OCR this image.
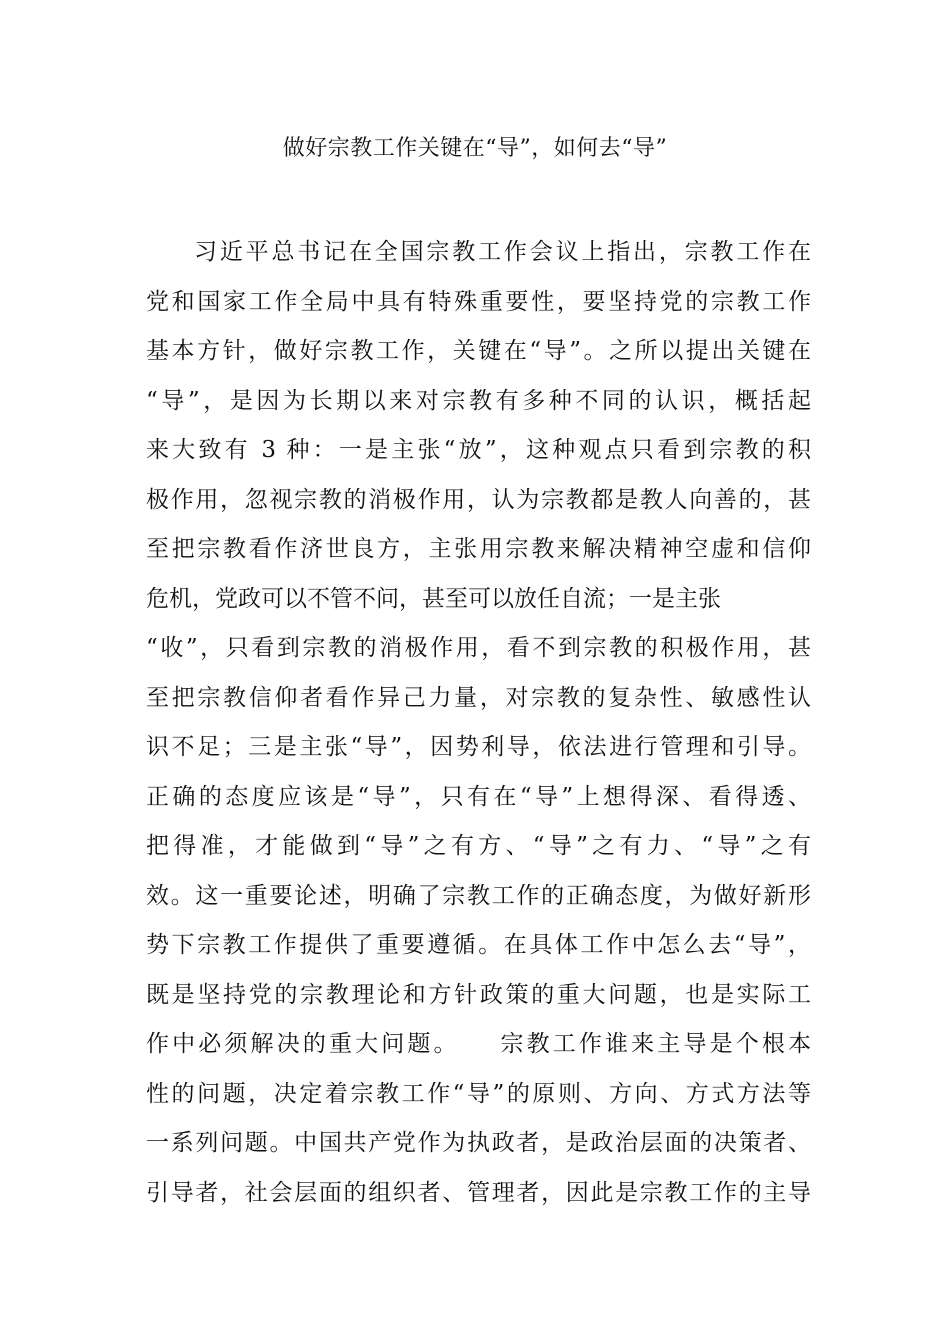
做好宗教工作关键在“导”，如何去“导”
习近平总书记在全国宗教工作会议上指出，宗教工作在
党和国家工作全局中具有特殊重要性，要坚持党的宗教工作
基本方针，做好宗教工作，关键在“导”。之所以提出关键在
“导”，是因为长期以来对宗教有多种不同的认识，概括起
来大致有 3 种：一是主张“放”，这种观点只看到宗教的积
极作用，忽视宗教的消极作用，认为宗教都是教人向善的，甚
至把宗教看作济世良方，主张用宗教来解决精神空虚和信仰
危机，党政可以不管不问，甚至可以放任自流；一是主张
“收”，只看到宗教的消极作用，看不到宗教的积极作用，甚
至把宗教信仰者看作异己力量，对宗教的复杂性、敏感性认
识不足；三是主张“导”，因势利导，依法进行管理和引导。
正确的态度应该是“导”，只有在“导”上想得深、看得透、
把得准，才能做到“导”之有方、“导”之有力、“导”之有
效。这一重要论述，明确了宗教工作的正确态度，为做好新形
势下宗教工作提供了重要遵循。在具体工作中怎么去“导”，
既是坚持党的宗教理论和方针政策的重大问题，也是实际工
作中必须解决的重大问题。　　宗教工作谁来主导是个根本
性的问题，决定着宗教工作“导”的原则、方向、方式方法等
一系列问题。中国共产党作为执政者，是政治层面的决策者、
引导者，社会层面的组织者、管理者，因此是宗教工作的主导
